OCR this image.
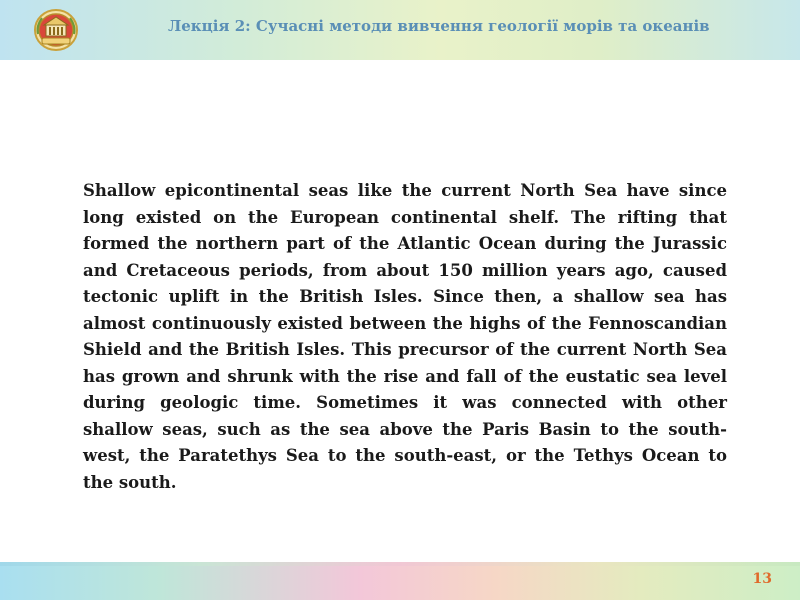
Лекція 2: Сучасні методи вивчення геології морів та океанів

Shallow epicontinental seas like the current North Sea have since long existed on the European continental shelf. The rifting that formed the northern part of the Atlantic Ocean during the Jurassic and Cretaceous periods, from about 150 million years ago, caused tectonic uplift in the British Isles. Since then, a shallow sea has almost continuously existed between the highs of the Fennoscandian Shield and the British Isles. This precursor of the current North Sea has grown and shrunk with the rise and fall of the eustatic sea level during geologic time. Sometimes it was connected with other shallow seas, such as the sea above the Paris Basin to the south-west, the Paratethys Sea to the south-east, or the Tethys Ocean to the south.

13
